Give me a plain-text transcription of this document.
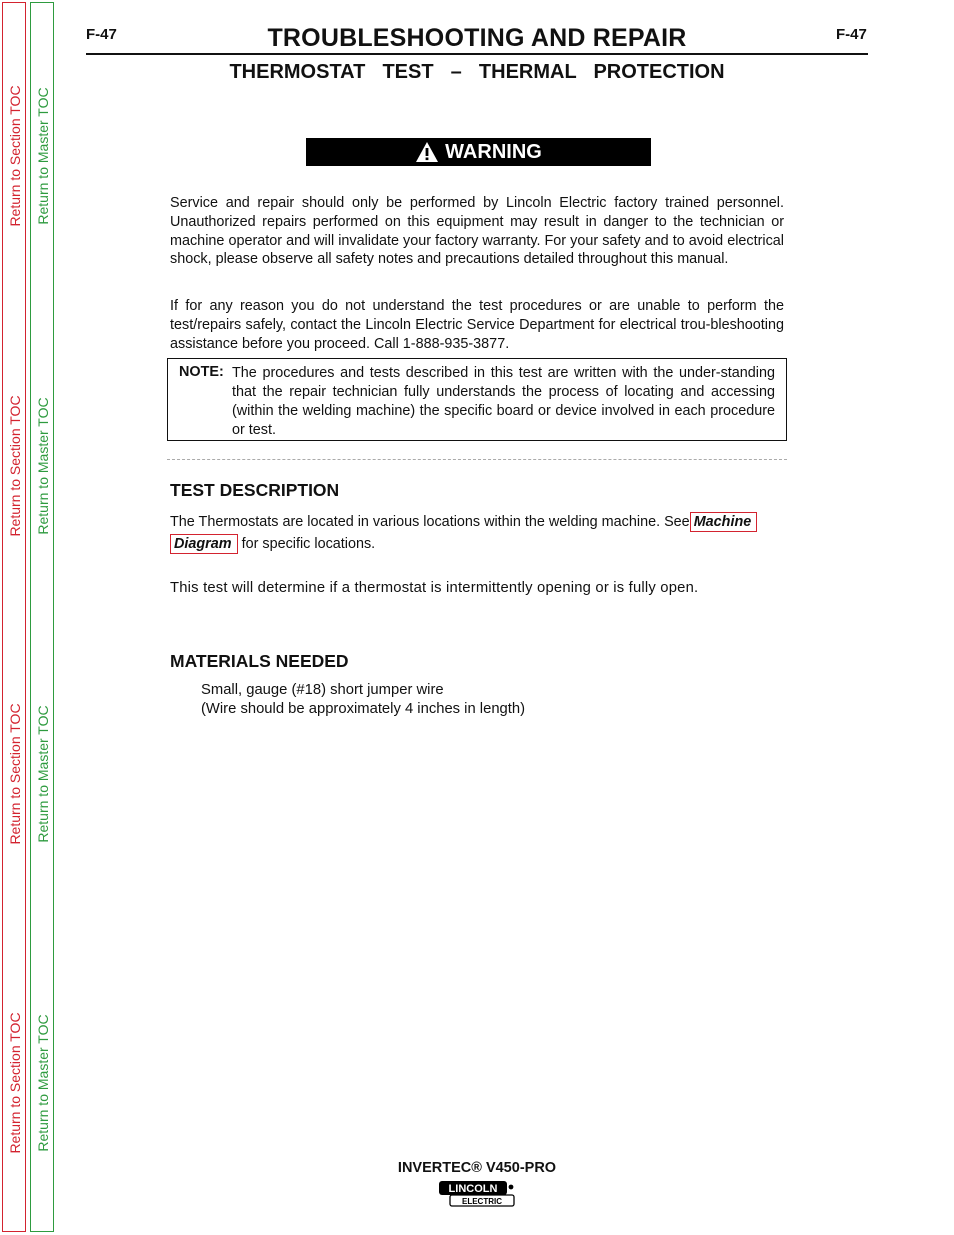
Return to Section TOC
Return to Section TOC
Return to Section TOC
Return to Section TOC
Return to Master TOC
Return to Master TOC
Return to Master TOC
Return to Master TOC
F-47	TROUBLESHOOTING AND REPAIR	F-47
THERMOSTAT  TEST  –  THERMAL  PROTECTION
WARNING

Service and repair should only be performed by Lincoln Electric factory trained personnel. Unauthorized repairs performed on this equipment may result in danger to the technician or machine operator and will invalidate your factory warranty. For your safety and to avoid electrical shock, please observe all safety notes and precautions detailed throughout this manual.

If for any reason you do not understand the test procedures or are unable to perform the test/repairs safely, contact the Lincoln Electric Service Department for electrical trou-bleshooting assistance before you proceed. Call 1-888-935-3877.

NOTE: The procedures and tests described in this test are written with the under-standing that the repair technician fully understands the process of locating and accessing (within the welding machine) the specific board or device involved in each procedure or test.

TEST DESCRIPTION
The Thermostats are located in various locations within the welding machine. See Machine
Diagram for specific locations.
This test will determine if a thermostat is intermittently opening or is fully open.
MATERIALS NEEDED
Small, gauge (#18) short jumper wire
(Wire should be approximately 4 inches in length)
INVERTEC® V450-PRO
LINCOLN
ELECTRIC
